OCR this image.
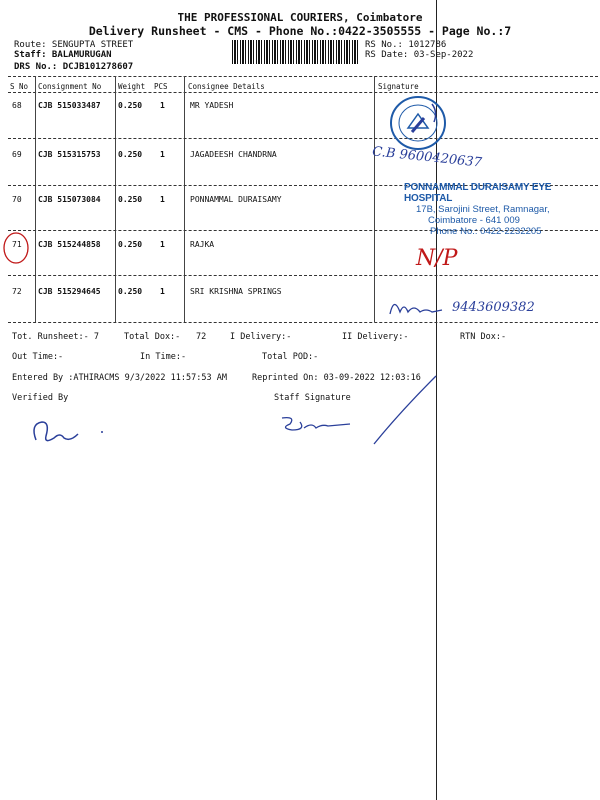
THE PROFESSIONAL COURIERS, Coimbatore
Delivery Runsheet - CMS - Phone No.:0422-3505555 - Page No.:7
Route: SENGUPTA STREET
Staff: BALAMURUGAN
DRS No.: DCJB101278607
RS No.: 1012786
RS Date: 03-Sep-2022
S No Consignment No Weight PCS	Consignee Details	Signature
68 CJB 515033487 0.250 1	MR YADESH
69 CJB 515315753 0.250 1	JAGADEESH CHANDRNA
70 CJB 515073084 0.250 1	PONNAMMAL DURAISAMY
71 CJB 515244858 0.250 1	RAJKA
72 CJB 515294645 0.250 1	SRI KRISHNA SPRINGS
C.B 9600420637
PONNAMMAL DURAISAMY EYE HOSPITAL
17B, Sarojini Street, Ramnagar,
Coimbatore - 641 009
Phone No.: 0422-2232205
N/P
9443609382
Tot. Runsheet:- 7	Total Dox:- 72	I Delivery:-	II Delivery:-	RTN Dox:-
Out Time:-	In Time:-	Total POD:-
Entered By :ATHIRACMS 9/3/2022 11:57:53 AM	Reprinted On: 03-09-2022 12:03:16
Verified By	Staff Signature
